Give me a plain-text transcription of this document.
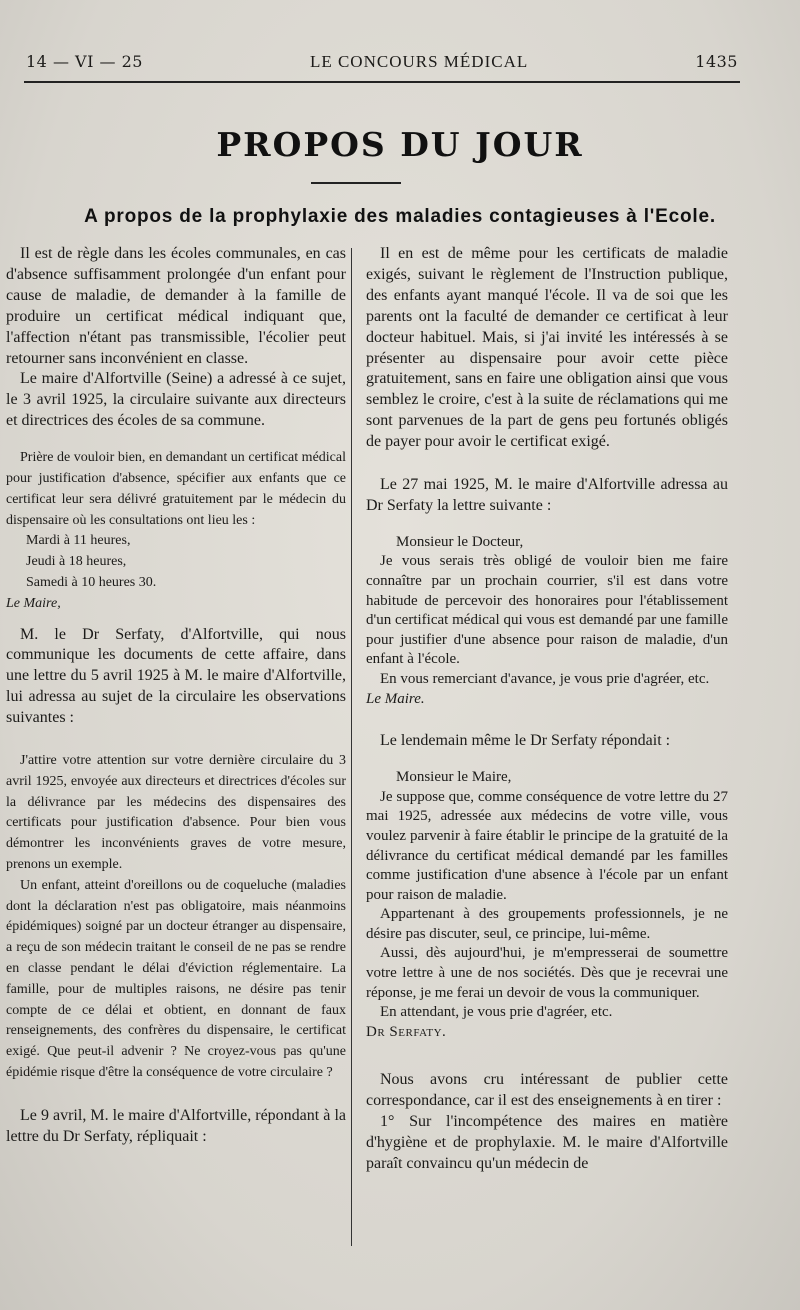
14 — VI — 25	LE CONCOURS MÉDICAL	1435
PROPOS DU JOUR
A propos de la prophylaxie des maladies contagieuses à l'Ecole.

Il est de règle dans les écoles communales, en cas d'absence suffisamment prolongée d'un enfant pour cause de maladie, de demander à la famille de produire un certificat médical indiquant que, l'affection n'étant pas transmissible, l'écolier peut retourner sans inconvénient en classe.

Le maire d'Alfortville (Seine) a adressé à ce sujet, le 3 avril 1925, la circulaire suivante aux directeurs et directrices des écoles de sa commune.

Prière de vouloir bien, en demandant un certificat médical pour justification d'absence, spécifier aux enfants que ce certificat leur sera délivré gratuitement par le médecin du dispensaire où les consultations ont lieu les :

Mardi à 11 heures,

Jeudi à 18 heures,

Samedi à 10 heures 30.

Le Maire,

M. le Dr Serfaty, d'Alfortville, qui nous communique les documents de cette affaire, dans une lettre du 5 avril 1925 à M. le maire d'Alfortville, lui adressa au sujet de la circulaire les observations suivantes :

J'attire votre attention sur votre dernière circulaire du 3 avril 1925, envoyée aux directeurs et directrices d'écoles sur la délivrance par les médecins des dispensaires des certificats pour justification d'absence. Pour bien vous démontrer les inconvénients graves de votre mesure, prenons un exemple.

Un enfant, atteint d'oreillons ou de coqueluche (maladies dont la déclaration n'est pas obligatoire, mais néanmoins épidémiques) soigné par un docteur étranger au dispensaire, a reçu de son médecin traitant le conseil de ne pas se rendre en classe pendant le délai d'éviction réglementaire. La famille, pour de multiples raisons, ne désire pas tenir compte de ce délai et obtient, en donnant de faux renseignements, des confrères du dispensaire, le certificat exigé. Que peut-il advenir ? Ne croyez-vous pas qu'une épidémie risque d'être la conséquence de votre circulaire ?

Le 9 avril, M. le maire d'Alfortville, répondant à la lettre du Dr Serfaty, répliquait :

Il en est de même pour les certificats de maladie exigés, suivant le règlement de l'Instruction publique, des enfants ayant manqué l'école. Il va de soi que les parents ont la faculté de demander ce certificat à leur docteur habituel. Mais, si j'ai invité les intéressés à se présenter au dispensaire pour avoir cette pièce gratuitement, sans en faire une obligation ainsi que vous semblez le croire, c'est à la suite de réclamations qui me sont parvenues de la part de gens peu fortunés obligés de payer pour avoir le certificat exigé.

Le 27 mai 1925, M. le maire d'Alfortville adressa au Dr Serfaty la lettre suivante :

Monsieur le Docteur,

Je vous serais très obligé de vouloir bien me faire connaître par un prochain courrier, s'il est dans votre habitude de percevoir des honoraires pour l'établissement d'un certificat médical qui vous est demandé par une famille pour justifier d'une absence pour raison de maladie, d'un enfant à l'école.

En vous remerciant d'avance, je vous prie d'agréer, etc.

Le Maire.

Le lendemain même le Dr Serfaty répondait :

Monsieur le Maire,

Je suppose que, comme conséquence de votre lettre du 27 mai 1925, adressée aux médecins de votre ville, vous voulez parvenir à faire établir le principe de la gratuité de la délivrance du certificat médical demandé par les familles comme justification d'une absence à l'école par un enfant pour raison de maladie.

Appartenant à des groupements professionnels, je ne désire pas discuter, seul, ce principe, lui-même.

Aussi, dès aujourd'hui, je m'empresserai de soumettre votre lettre à une de nos sociétés. Dès que je recevrai une réponse, je me ferai un devoir de vous la communiquer.

En attendant, je vous prie d'agréer, etc.

Dr Serfaty.

Nous avons cru intéressant de publier cette correspondance, car il est des enseignements à en tirer :

1° Sur l'incompétence des maires en matière d'hygiène et de prophylaxie. M. le maire d'Alfortville paraît convaincu qu'un médecin de
